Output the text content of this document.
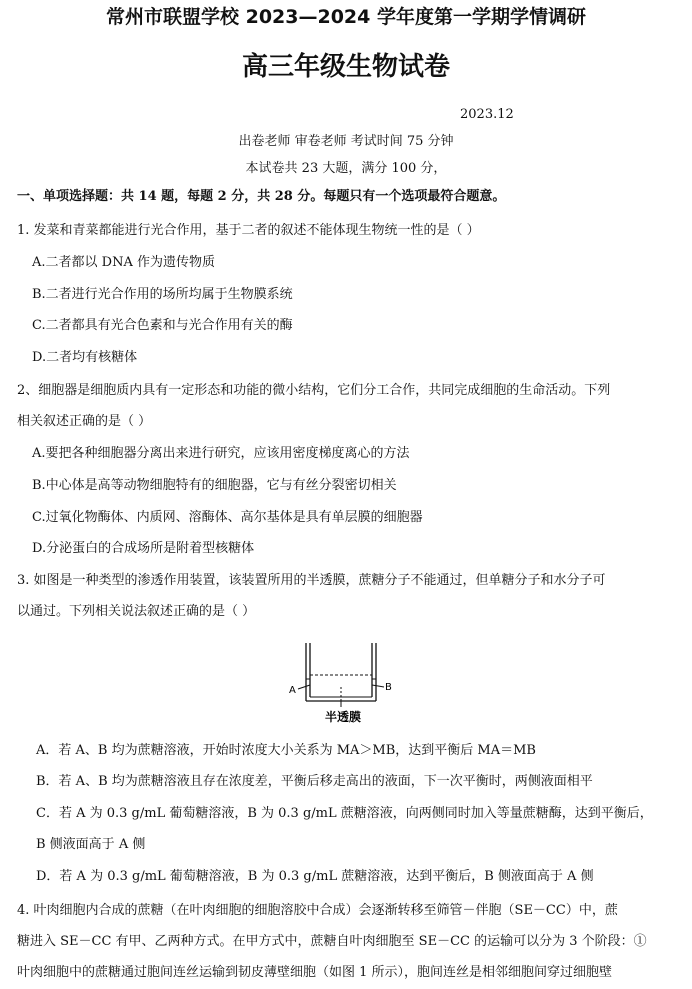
常州市联盟学校 2023—2024 学年度第一学期学情调研
高三年级生物试卷
2023.12
出卷老师 审卷老师 考试时间 75 分钟
本试卷共 23 大题，满分 100 分，
一、单项选择题：共 14 题，每题 2 分，共 28 分。每题只有一个选项最符合题意。
1. 发菜和青菜都能进行光合作用，基于二者的叙述不能体现生物统一性的是（ ）
A.二者都以 DNA 作为遗传物质
B.二者进行光合作用的场所均属于生物膜系统
C.二者都具有光合色素和与光合作用有关的酶
D.二者均有核糖体
2、细胞器是细胞质内具有一定形态和功能的微小结构，它们分工合作，共同完成细胞的生命活动。下列
相关叙述正确的是（ ）
A.要把各种细胞器分离出来进行研究，应该用密度梯度离心的方法
B.中心体是高等动物细胞特有的细胞器，它与有丝分裂密切相关
C.过氧化物酶体、内质网、溶酶体、高尔基体是具有单层膜的细胞器
D.分泌蛋白的合成场所是附着型核糖体
3. 如图是一种类型的渗透作用装置，该装置所用的半透膜，蔗糖分子不能通过，但单糖分子和水分子可
以通过。下列相关说法叙述正确的是（ ）
A	B
半透膜
A．若 A、B 均为蔗糖溶液，开始时浓度大小关系为 MA＞MB，达到平衡后 MA＝MB
B．若 A、B 均为蔗糖溶液且存在浓度差，平衡后移走高出的液面，下一次平衡时，两侧液面相平
C．若 A 为 0.3 g/mL 葡萄糖溶液，B 为 0.3 g/mL 蔗糖溶液，向两侧同时加入等量蔗糖酶，达到平衡后，
B 侧液面高于 A 侧
D．若 A 为 0.3 g/mL 葡萄糖溶液，B 为 0.3 g/mL 蔗糖溶液，达到平衡后，B 侧液面高于 A 侧
4. 叶肉细胞内合成的蔗糖（在叶肉细胞的细胞溶胶中合成）会逐渐转移至筛管－伴胞（SE－CC）中，蔗
糖进入 SE－CC 有甲、乙两种方式。在甲方式中，蔗糖自叶肉细胞至 SE－CC 的运输可以分为 3 个阶段：①
叶肉细胞中的蔗糖通过胞间连丝运输到韧皮薄壁细胞（如图 1 所示），胞间连丝是相邻细胞间穿过细胞壁
